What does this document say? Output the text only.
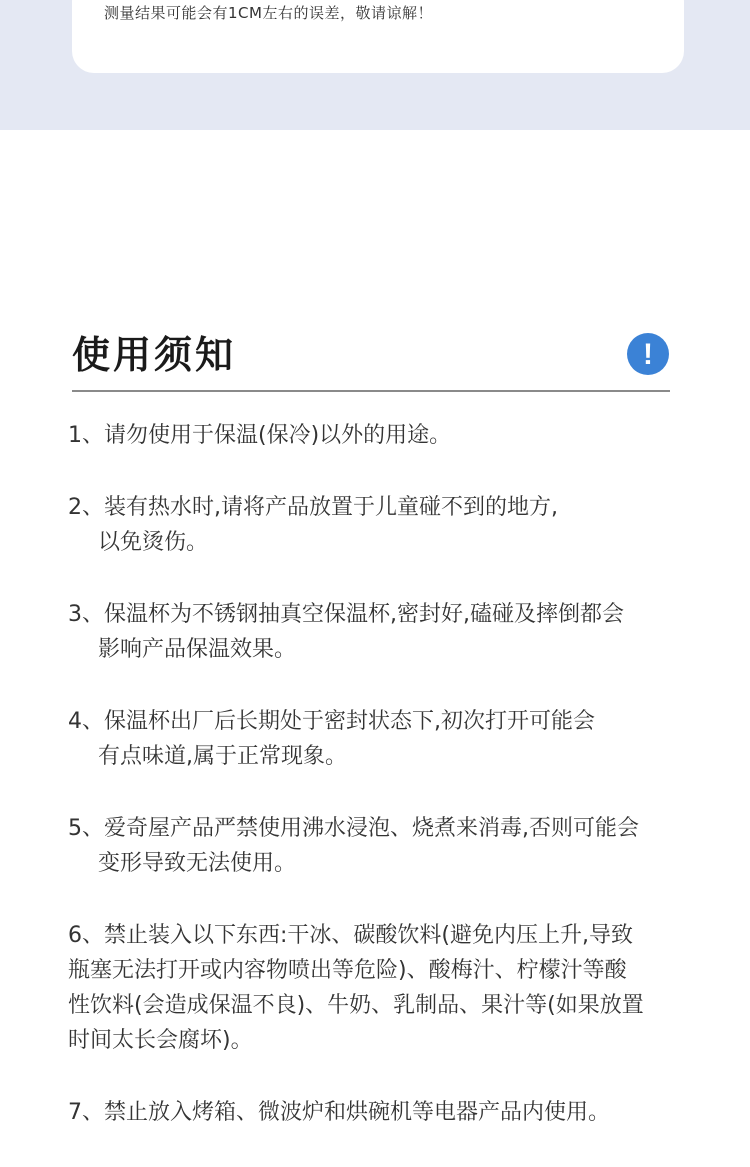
测量结果可能会有1CM左右的误差，敬请谅解！
使用须知	!
1、请勿使用于保温(保冷)以外的用途。
2、装有热水时,请将产品放置于儿童碰不到的地方,
以免烫伤。
3、保温杯为不锈钢抽真空保温杯,密封好,磕碰及摔倒都会
影响产品保温效果。
4、保温杯出厂后长期处于密封状态下,初次打开可能会
有点味道,属于正常现象。
5、爱奇屋产品严禁使用沸水浸泡、烧煮来消毒,否则可能会
变形导致无法使用。
6、禁止装入以下东西:干冰、碳酸饮料(避免内压上升,导致
瓶塞无法打开或内容物喷出等危险)、酸梅汁、柠檬汁等酸
性饮料(会造成保温不良)、牛奶、乳制品、果汁等(如果放置
时间太长会腐坏)。
7、禁止放入烤箱、微波炉和烘碗机等电器产品内使用。
